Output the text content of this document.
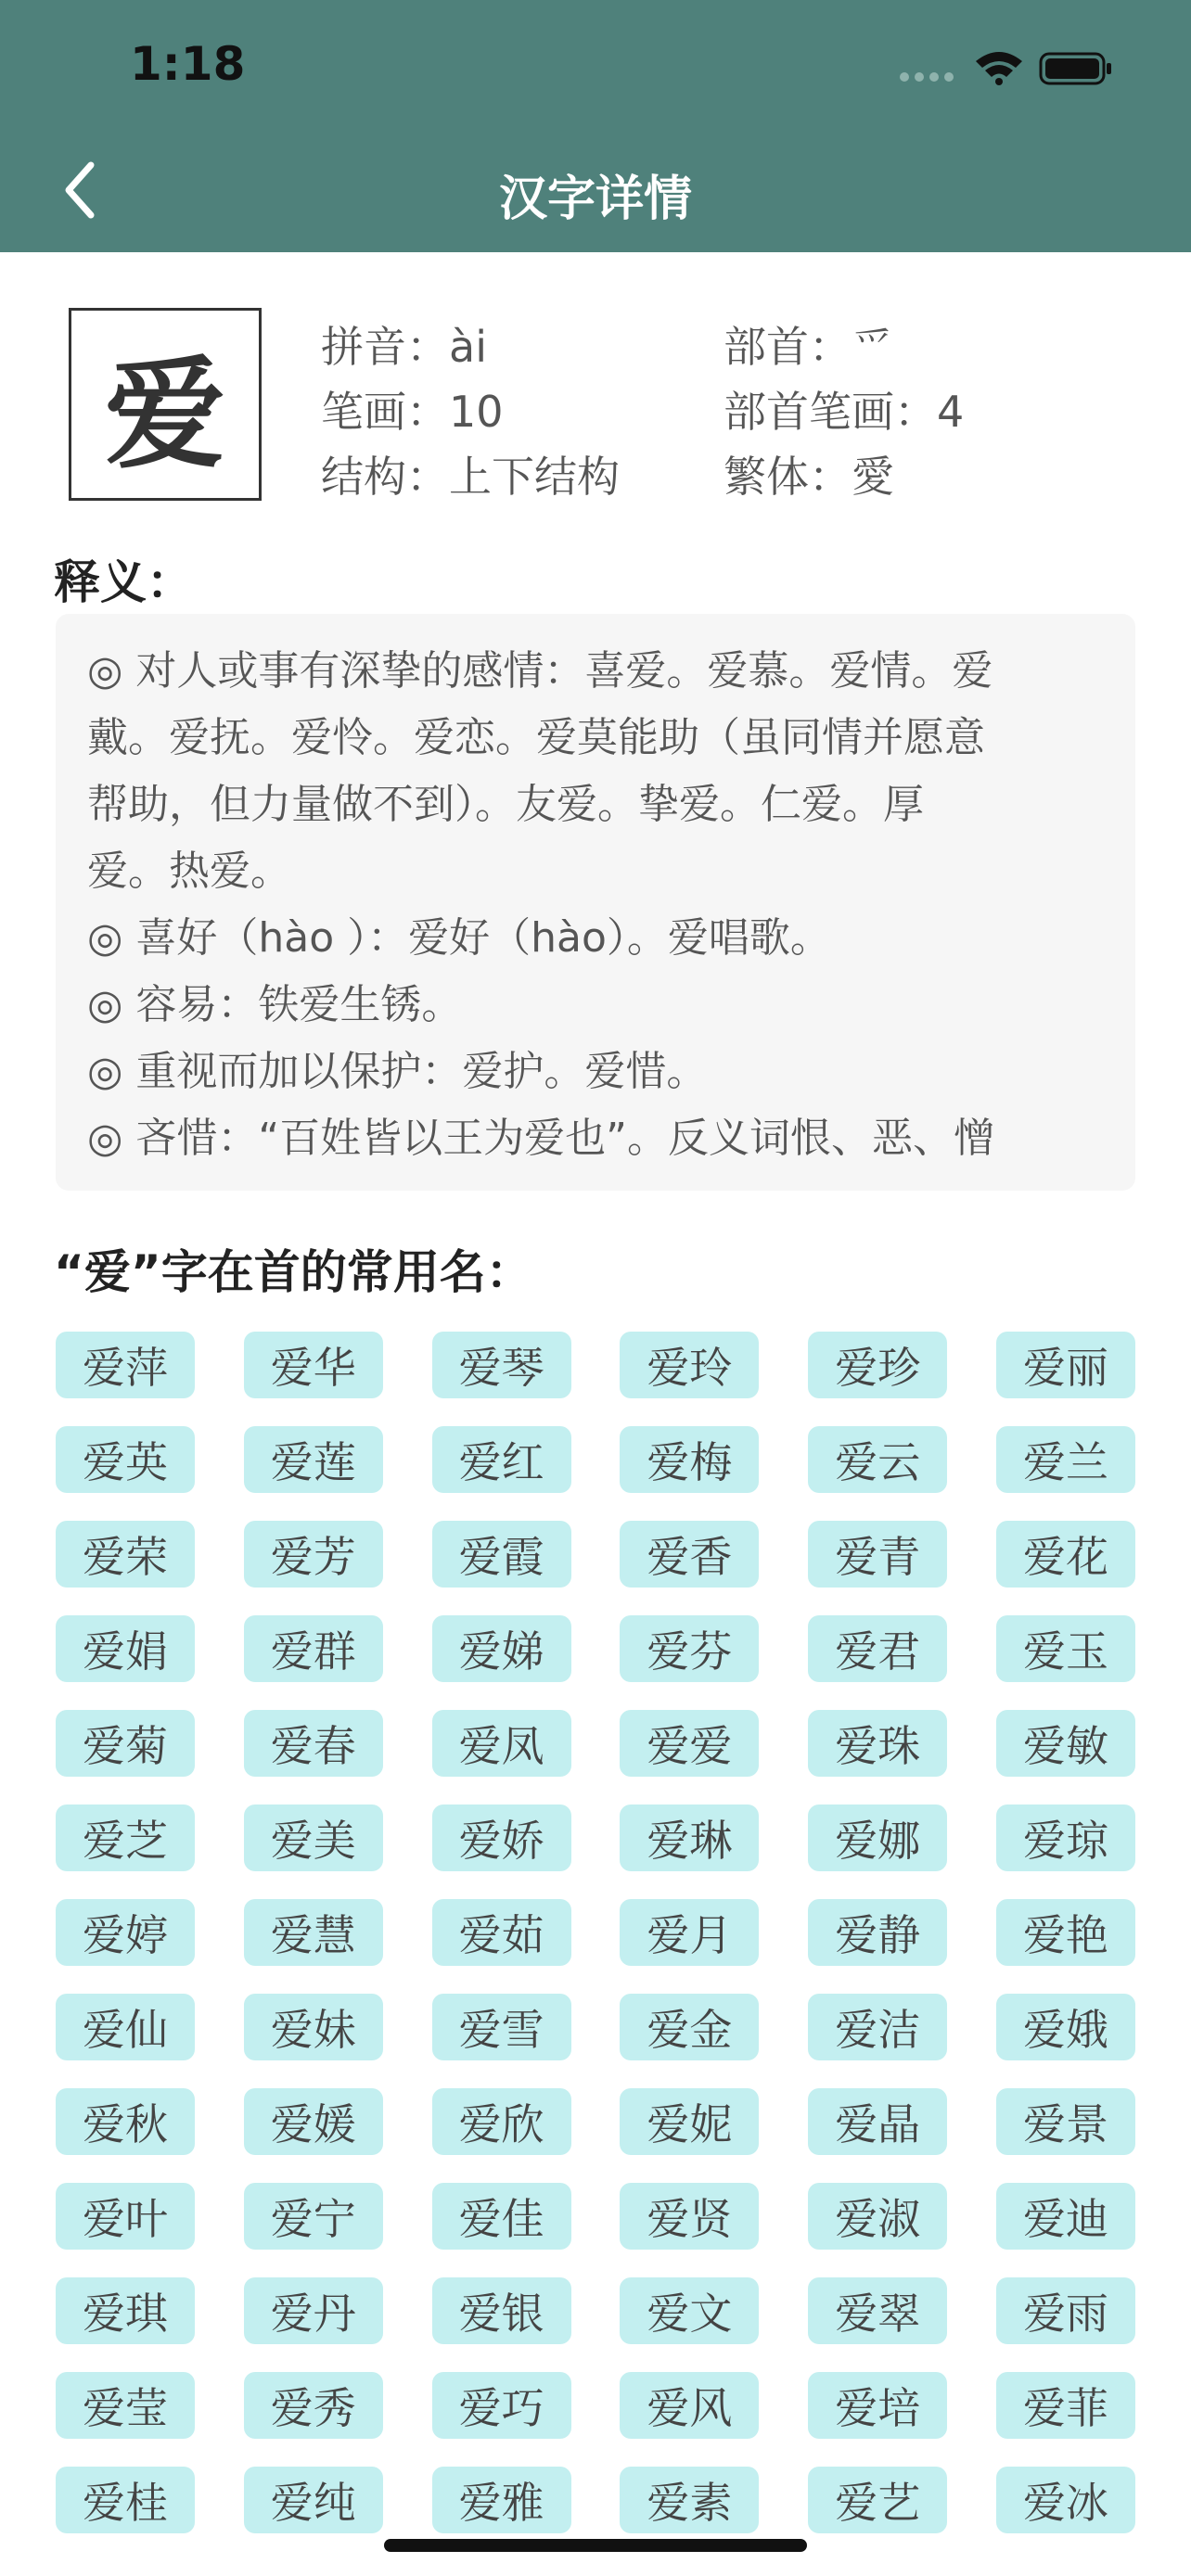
1:18
汉字详情
爱	拼音：ài	部首：爫
笔画：10	部首笔画：4
结构：上下结构 繁体：愛
释义：
◎ 对人或事有深挚的感情：喜爱。爱慕。爱情。爱
戴。爱抚。爱怜。爱恋。爱莫能助（虽同情并愿意
帮助，但力量做不到）。友爱。挚爱。仁爱。厚
爱。热爱。
◎ 喜好（hào ）：爱好（hào）。爱唱歌。
◎ 容易：铁爱生锈。
◎ 重视而加以保护：爱护。爱惜。
◎ 吝惜：“百姓皆以王为爱也”。反义词恨、恶、憎
“爱”字在首的常用名：
爱萍	爱华	爱琴	爱玲	爱珍	爱丽
爱英	爱莲	爱红	爱梅	爱云	爱兰
爱荣	爱芳	爱霞	爱香	爱青	爱花
爱娟	爱群	爱娣	爱芬	爱君	爱玉
爱菊	爱春	爱凤	爱爱	爱珠	爱敏
爱芝	爱美	爱娇	爱琳	爱娜	爱琼
爱婷	爱慧	爱茹	爱月	爱静	爱艳
爱仙	爱妹	爱雪	爱金	爱洁	爱娥
爱秋	爱媛	爱欣	爱妮	爱晶	爱景
爱叶	爱宁	爱佳	爱贤	爱淑	爱迪
爱琪	爱丹	爱银	爱文	爱翠	爱雨
爱莹	爱秀	爱巧	爱风	爱培	爱菲
爱桂	爱纯	爱雅	爱素	爱艺	爱冰
